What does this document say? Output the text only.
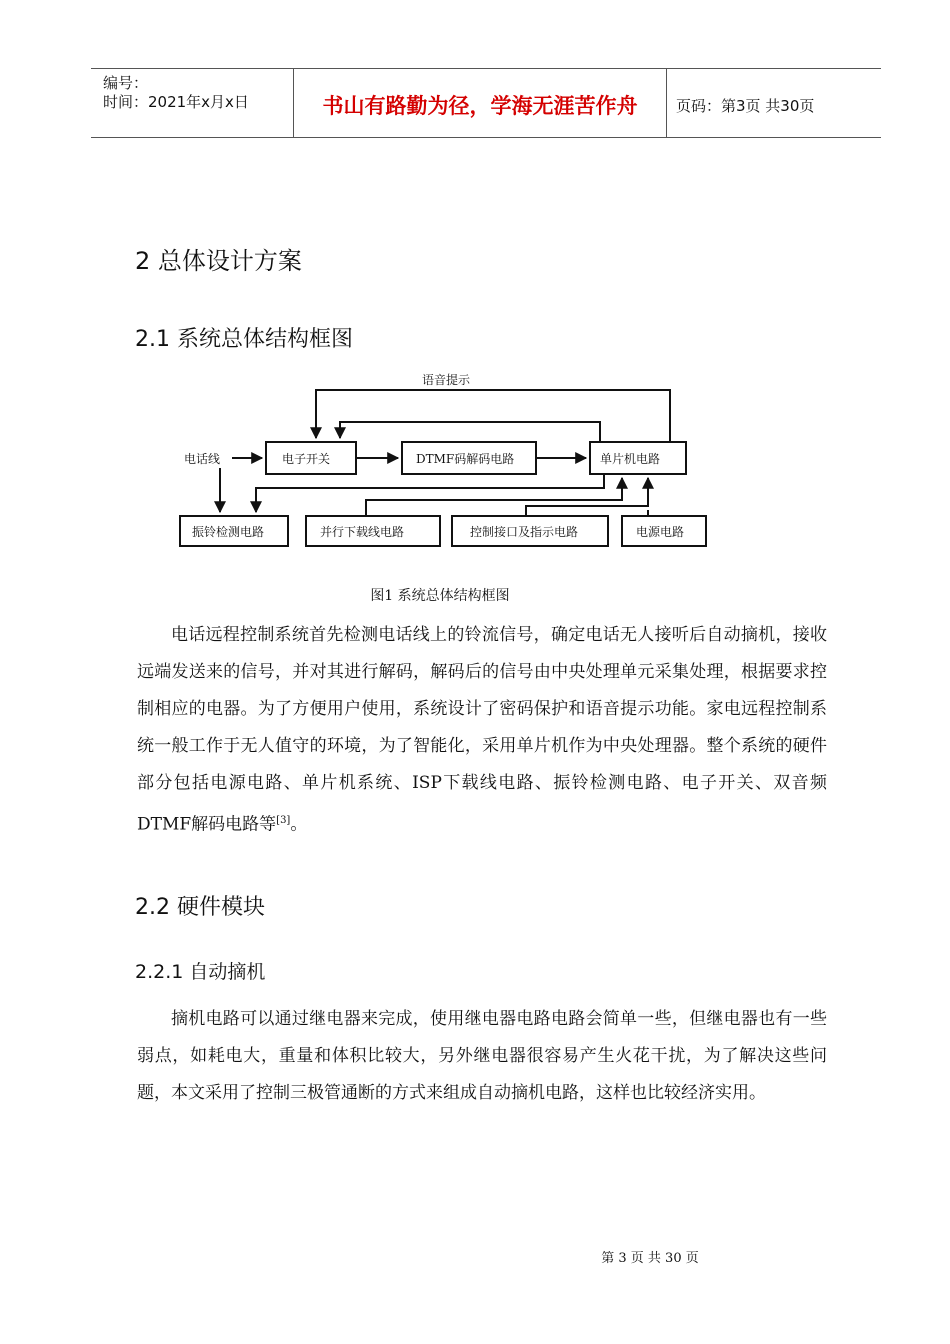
编号：
时间：2021年x月x日	书山有路勤为径，学海无涯苦作舟	页码：第3页 共30页
2 总体设计方案
2.1 系统总体结构框图
语音提示
电话线	电子开关	DTMF码解码电路	单片机电路
振铃检测电路	并行下载线电路	控制接口及指示电路	电源电路
图1 系统总体结构框图
电话远程控制系统首先检测电话线上的铃流信号，确定电话无人接听后自动摘机，接收远端发送来的信号，并对其进行解码，解码后的信号由中央处理单元采集处理，根据要求控制相应的电器。为了方便用户使用，系统设计了密码保护和语音提示功能。家电远程控制系统一般工作于无人值守的环境，为了智能化，采用单片机作为中央处理器。整个系统的硬件部分包括电源电路、单片机系统、ISP下载线电路、振铃检测电路、电子开关、双音频DTMF解码电路等[3]。
2.2 硬件模块
2.2.1 自动摘机
摘机电路可以通过继电器来完成，使用继电器电路电路会简单一些，但继电器也有一些弱点，如耗电大，重量和体积比较大，另外继电器很容易产生火花干扰，为了解决这些问题，本文采用了控制三极管通断的方式来组成自动摘机电路，这样也比较经济实用。
第 3 页 共 30 页
